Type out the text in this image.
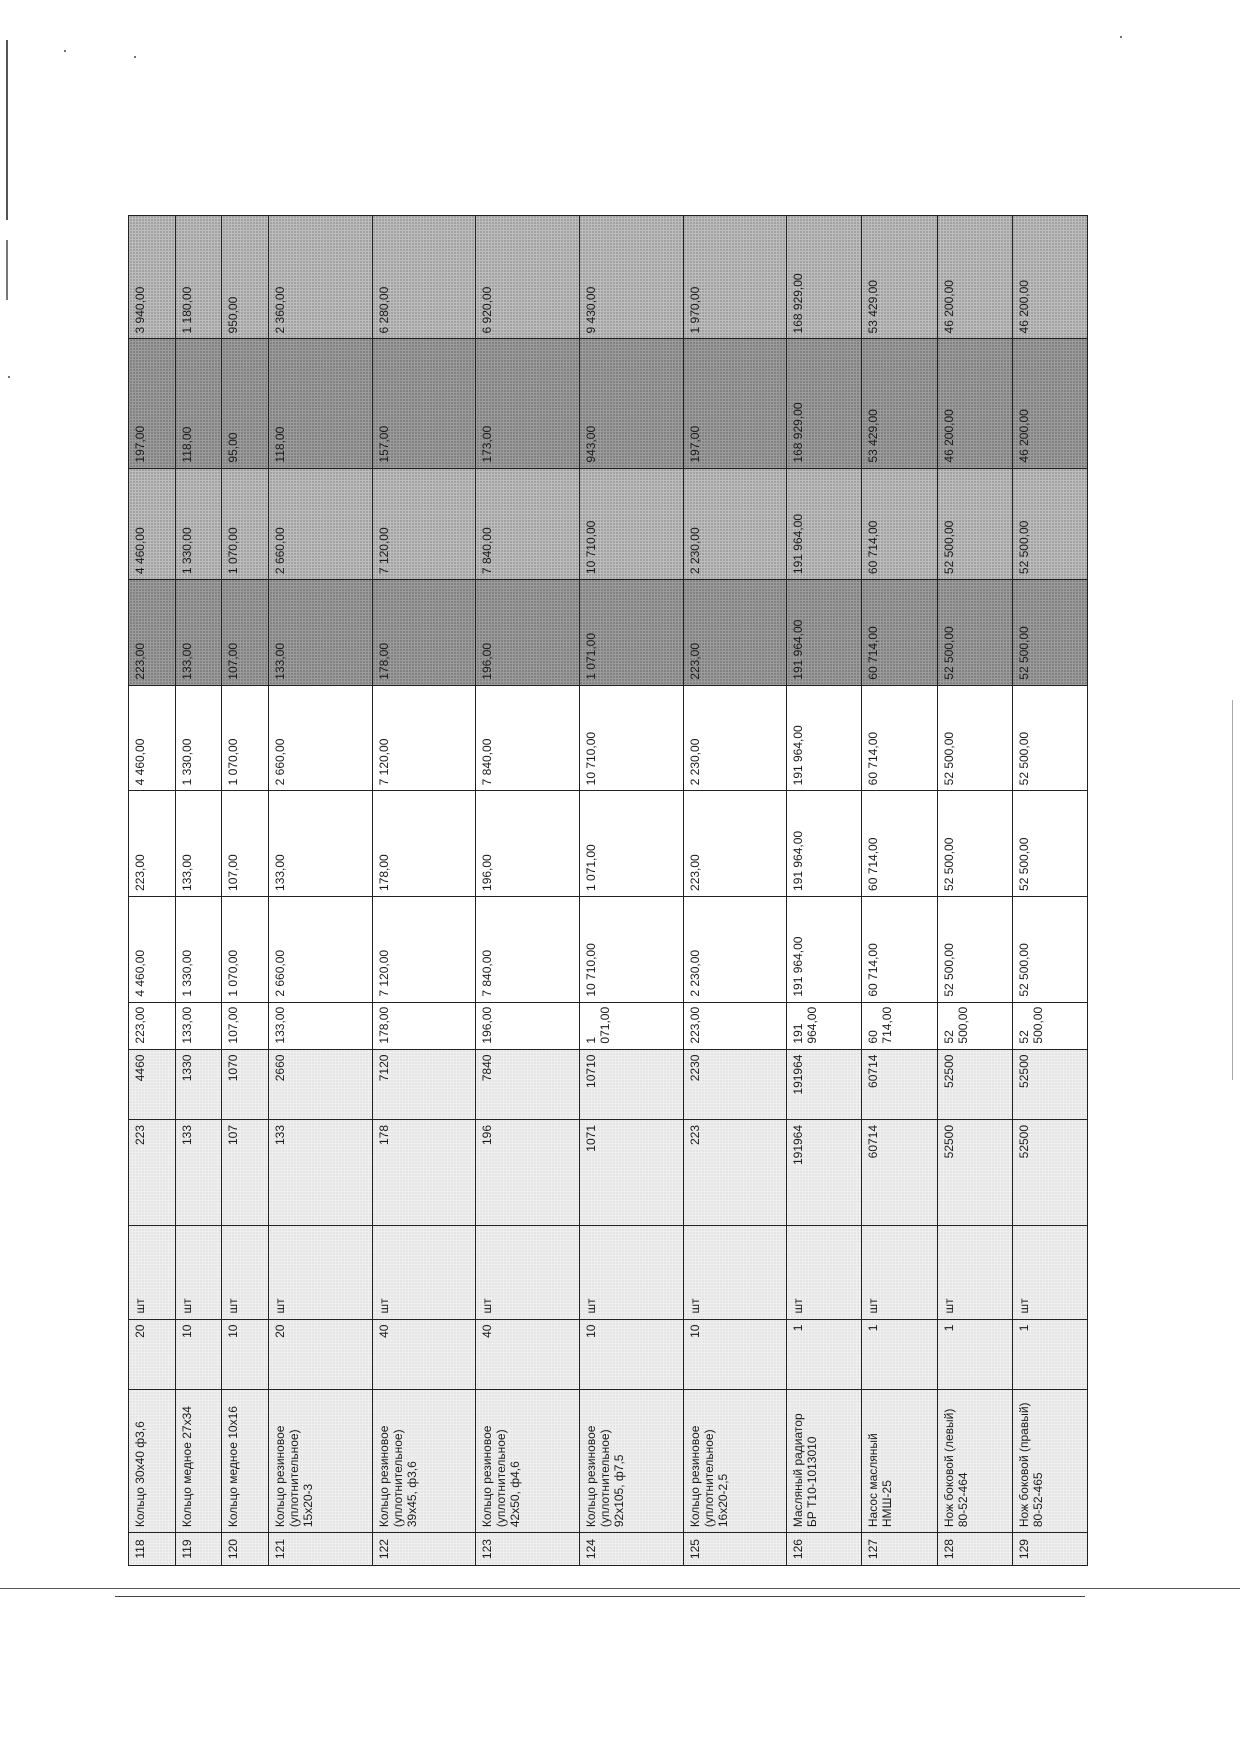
118	Кольцо 30х40 ф3,6	20	шт	223	4460	223,00	4 460,00	223,00	4 460,00	223,00	4 460,00	197,00	3 940,00
119	Кольцо медное 27х34	10	шт	133	1330	133,00	1 330,00	133,00	1 330,00	133,00	1 330,00	118,00	1 180,00
120	Кольцо медное 10х16	10	шт	107	1070	107,00	1 070,00	107,00	1 070,00	107,00	1 070,00	95,00	950,00
121	Кольцо резиновое (уплотнительное) 15х20-3	20	шт	133	2660	133,00	2 660,00	133,00	2 660,00	133,00	2 660,00	118,00	2 360,00
122	Кольцо резиновое (уплотнительное) 39х45, ф3,6	40	шт	178	7120	178,00	7 120,00	178,00	7 120,00	178,00	7 120,00	157,00	6 280,00
123	Кольцо резиновое (уплотнительное) 42х50, ф4,6	40	шт	196	7840	196,00	7 840,00	196,00	7 840,00	196,00	7 840,00	173,00	6 920,00
124	Кольцо резиновое (уплотнительное) 92х105, ф7,5	10	шт	1071	10710	1 071,00	10 710,00	1 071,00	10 710,00	1 071,00	10 710,00	943,00	9 430,00
125	Кольцо резиновое (уплотнительное) 16х20-2,5	10	шт	223	2230	223,00	2 230,00	223,00	2 230,00	223,00	2 230,00	197,00	1 970,00
126	Масляный радиатор БР Т10-1013010	1	шт	191964	191964	191 964,00	191 964,00	191 964,00	191 964,00	191 964,00	191 964,00	168 929,00	168 929,00
127	Насос масляный НМШ-25	1	шт	60714	60714	60 714,00	60 714,00	60 714,00	60 714,00	60 714,00	60 714,00	53 429,00	53 429,00
128	Нож боковой (левый) 80-52-464	1	шт	52500	52500	52 500,00	52 500,00	52 500,00	52 500,00	52 500,00	52 500,00	46 200,00	46 200,00
129	Нож боковой (правый) 80-52-465	1	шт	52500	52500	52 500,00	52 500,00	52 500,00	52 500,00	52 500,00	52 500,00	46 200,00	46 200,00
